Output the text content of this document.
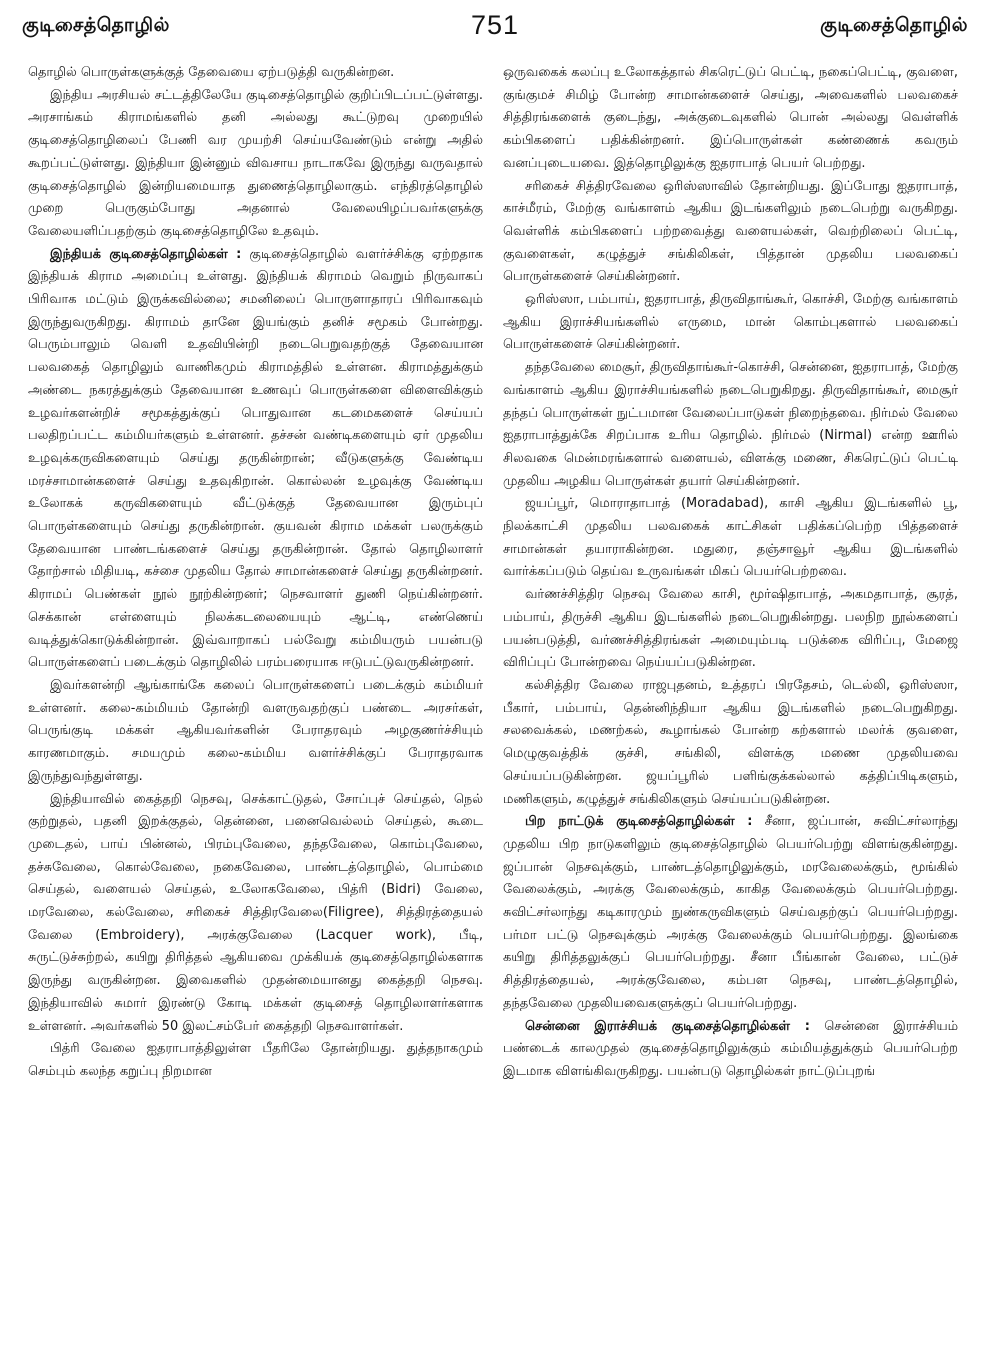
குடிசைத்தொழில்	751	குடிசைத்தொழில்

தொழில் பொருள்களுக்குத் தேவையை ஏற்படுத்தி வருகின்றன.

இந்திய அரசியல் சட்டத்திலேயே குடிசைத்தொழில் குறிப்பிடப்பட்டுள்ளது. அரசாங்கம் கிராமங்களில் தனி அல்லது கூட்டுறவு முறையில் குடிசைத்தொழிலைப் பேணி வர முயற்சி செய்யவேண்டும் என்று அதில் கூறப்பட்டுள்ளது. இந்தியா இன்னும் விவசாய நாடாகவே இருந்து வருவதால் குடிசைத்தொழில் இன்றியமையாத துணைத்தொழிலாகும். எந்திரத்தொழில் முறை பெருகும்போது அதனால் வேலையிழப்பவர்களுக்கு வேலையளிப்பதற்கும் குடிசைத்தொழிலே உதவும்.

இந்தியக் குடிசைத்தொழில்கள் : குடிசைத்தொழில் வளர்ச்சிக்கு ஏற்றதாக இந்தியக் கிராம அமைப்பு உள்ளது. இந்தியக் கிராமம் வெறும் நிருவாகப் பிரிவாக மட்டும் இருக்கவில்லை; சமனிலைப் பொருளாதாரப் பிரிவாகவும் இருந்துவருகிறது. கிராமம் தானே இயங்கும் தனிச் சமூகம் போன்றது. பெரும்பாலும் வெளி உதவியின்றி நடைபெறுவதற்குத் தேவையான பலவகைத் தொழிலும் வாணிகமும் கிராமத்தில் உள்ளன. கிராமத்துக்கும் அண்டை நகரத்துக்கும் தேவையான உணவுப் பொருள்களை விளைவிக்கும் உழவர்களன்றிச் சமூகத்துக்குப் பொதுவான கடமைகளைச் செய்யப் பலதிறப்பட்ட கம்மியர்களும் உள்ளனர். தச்சன் வண்டிகளையும் ஏர் முதலிய உழவுக்கருவிகளையும் செய்து தருகின்றான்; வீடுகளுக்கு வேண்டிய மரச்சாமான்களைச் செய்து உதவுகிறான். கொல்லன் உழவுக்கு வேண்டிய உலோகக் கருவிகளையும் வீட்டுக்குத் தேவையான இரும்புப் பொருள்களையும் செய்து தருகின்றான். குயவன் கிராம மக்கள் பலருக்கும் தேவையான பாண்டங்களைச் செய்து தருகின்றான். தோல் தொழிலாளர் தோற்சால் மிதியடி, கச்சை முதலிய தோல் சாமான்களைச் செய்து தருகின்றனர். கிராமப் பெண்கள் நூல் நூற்கின்றனர்; நெசவாளர் துணி நெய்கின்றனர். செக்கான் எள்ளையும் நிலக்கடலையையும் ஆட்டி, எண்ணெய் வடித்துக்கொடுக்கின்றான். இவ்வாறாகப் பல்வேறு கம்மியரும் பயன்படு பொருள்களைப் படைக்கும் தொழிலில் பரம்பரையாக ஈடுபட்டுவருகின்றனர்.

இவர்களன்றி ஆங்காங்கே கலைப் பொருள்களைப் படைக்கும் கம்மியர் உள்ளனர். கலை-கம்மியம் தோன்றி வளருவதற்குப் பண்டை அரசர்கள், பெருங்குடி மக்கள் ஆகியவர்களின் பேராதரவும் அழகுணர்ச்சியும் காரணமாகும். சமயமும் கலை-கம்மிய வளர்ச்சிக்குப் பேராதரவாக இருந்துவந்துள்ளது.

இந்தியாவில் கைத்தறி நெசவு, செக்காட்டுதல், சோப்புச் செய்தல், நெல் குற்றுதல், பதனி இறக்குதல், தென்னை, பனைவெல்லம் செய்தல், கூடை முடைதல், பாய் பின்னல், பிரம்புவேலை, தந்தவேலை, கொம்புவேலை, தச்சுவேலை, கொல்வேலை, நகைவேலை, பாண்டத்தொழில், பொம்மை செய்தல், வளையல் செய்தல், உலோகவேலை, பித்ரி (Bidri) வேலை, மரவேலை, கல்வேலை, சரிகைச் சித்திரவேலை(Filigree), சித்திரத்தையல் வேலை (Embroidery), அரக்குவேலை (Lacquer work), பீடி, சுருட்டுச்சுற்றல், கயிறு திரித்தல் ஆகியவை முக்கியக் குடிசைத்தொழில்களாக இருந்து வருகின்றன. இவைகளில் முதன்மையானது கைத்தறி நெசவு. இந்தியாவில் சுமார் இரண்டு கோடி மக்கள் குடிசைத் தொழிலாளர்களாக உள்ளனர். அவர்களில் 50 இலட்சம்பேர் கைத்தறி நெசவாளர்கள்.

பித்ரி வேலை ஐதராபாத்திலுள்ள பீதரிலே தோன்றியது. துத்தநாகமும் செம்பும் கலந்த கறுப்பு நிறமான

ஒருவகைக் கலப்பு உலோகத்தால் சிகரெட்டுப் பெட்டி, நகைப்பெட்டி, குவளை, குங்குமச் சிமிழ் போன்ற சாமான்களைச் செய்து, அவைகளில் பலவகைச் சித்திரங்களைக் குடைந்து, அக்குடைவுகளில் பொன் அல்லது வெள்ளிக் கம்பிகளைப் பதிக்கின்றனர். இப்பொருள்கள் கண்ணைக் கவரும் வனப்புடையவை. இத்தொழிலுக்கு ஐதராபாத் பெயர் பெற்றது.

சரிகைச் சித்திரவேலை ஒரிஸ்ஸாவில் தோன்றியது. இப்போது ஐதராபாத், காச்மீரம், மேற்கு வங்காளம் ஆகிய இடங்களிலும் நடைபெற்று வருகிறது. வெள்ளிக் கம்பிகளைப் பற்றவைத்து வளையல்கள், வெற்றிலைப் பெட்டி, குவளைகள், கழுத்துச் சங்கிலிகள், பித்தான் முதலிய பலவகைப் பொருள்களைச் செய்கின்றனர்.

ஒரிஸ்ஸா, பம்பாய், ஐதராபாத், திருவிதாங்கூர், கொச்சி, மேற்கு வங்காளம் ஆகிய இராச்சியங்களில் எருமை, மான் கொம்புகளால் பலவகைப் பொருள்களைச் செய்கின்றனர்.

தந்தவேலை மைசூர், திருவிதாங்கூர்-கொச்சி, சென்னை, ஐதராபாத், மேற்கு வங்காளம் ஆகிய இராச்சியங்களில் நடைபெறுகிறது. திருவிதாங்கூர், மைசூர் தந்தப் பொருள்கள் நுட்பமான வேலைப்பாடுகள் நிறைந்தவை. நிர்மல் வேலை ஐதராபாத்துக்கே சிறப்பாக உரிய தொழில். நிர்மல் (Nirmal) என்ற ஊரில் சிலவகை மென்மரங்களால் வளையல், விளக்கு மணை, சிகரெட்டுப் பெட்டி முதலிய அழகிய பொருள்கள் தயார் செய்கின்றனர்.

ஜயப்பூர், மொராதாபாத் (Moradabad), காசி ஆகிய இடங்களில் பூ, நிலக்காட்சி முதலிய பலவகைக் காட்சிகள் பதிக்கப்பெற்ற பித்தளைச் சாமான்கள் தயாராகின்றன. மதுரை, தஞ்சாவூர் ஆகிய இடங்களில் வார்க்கப்படும் தெய்வ உருவங்கள் மிகப் பெயர்பெற்றவை.

வர்ணச்சித்திர நெசவு வேலை காசி, மூர்ஷிதாபாத், அகமதாபாத், சூரத், பம்பாய், திருச்சி ஆகிய இடங்களில் நடைபெறுகின்றது. பலநிற நூல்களைப் பயன்படுத்தி, வர்ணச்சித்திரங்கள் அமையும்படி படுக்கை விரிப்பு, மேஜை விரிப்புப் போன்றவை நெய்யப்படுகின்றன.

கல்சித்திர வேலை ராஜபுதனம், உத்தரப் பிரதேசம், டெல்லி, ஒரிஸ்ஸா, பீகார், பம்பாய், தென்னிந்தியா ஆகிய இடங்களில் நடைபெறுகிறது. சலவைக்கல், மணற்கல், கூழாங்கல் போன்ற கற்களால் மலர்க் குவளை, மெழுகுவத்திக் குச்சி, சங்கிலி, விளக்கு மணை முதலியவை செய்யப்படுகின்றன. ஜயப்பூரில் பளிங்குக்கல்லால் கத்திப்பிடிகளும், மணிகளும், கழுத்துச் சங்கிலிகளும் செய்யப்படுகின்றன.

பிற நாட்டுக் குடிசைத்தொழில்கள் : சீனா, ஜப்பான், சுவிட்சர்லாந்து முதலிய பிற நாடுகளிலும் குடிசைத்தொழில் பெயர்பெற்று விளங்குகின்றது. ஜப்பான் நெசவுக்கும், பாண்டத்தொழிலுக்கும், மரவேலைக்கும், மூங்கில் வேலைக்கும், அரக்கு வேலைக்கும், காகித வேலைக்கும் பெயர்பெற்றது. சுவிட்சர்லாந்து கடிகாரமும் நுண்கருவிகளும் செய்வதற்குப் பெயர்பெற்றது. பர்மா பட்டு நெசவுக்கும் அரக்கு வேலைக்கும் பெயர்பெற்றது. இலங்கை கயிறு திரித்தலுக்குப் பெயர்பெற்றது. சீனா பீங்கான் வேலை, பட்டுச் சித்திரத்தையல், அரக்குவேலை, கம்பள நெசவு, பாண்டத்தொழில், தந்தவேலை முதலியவைகளுக்குப் பெயர்பெற்றது.

சென்னை இராச்சியக் குடிசைத்தொழில்கள் : சென்னை இராச்சியம் பண்டைக் காலமுதல் குடிசைத்தொழிலுக்கும் கம்மியத்துக்கும் பெயர்பெற்ற இடமாக விளங்கிவருகிறது. பயன்படு தொழில்கள் நாட்டுப்புறங்
